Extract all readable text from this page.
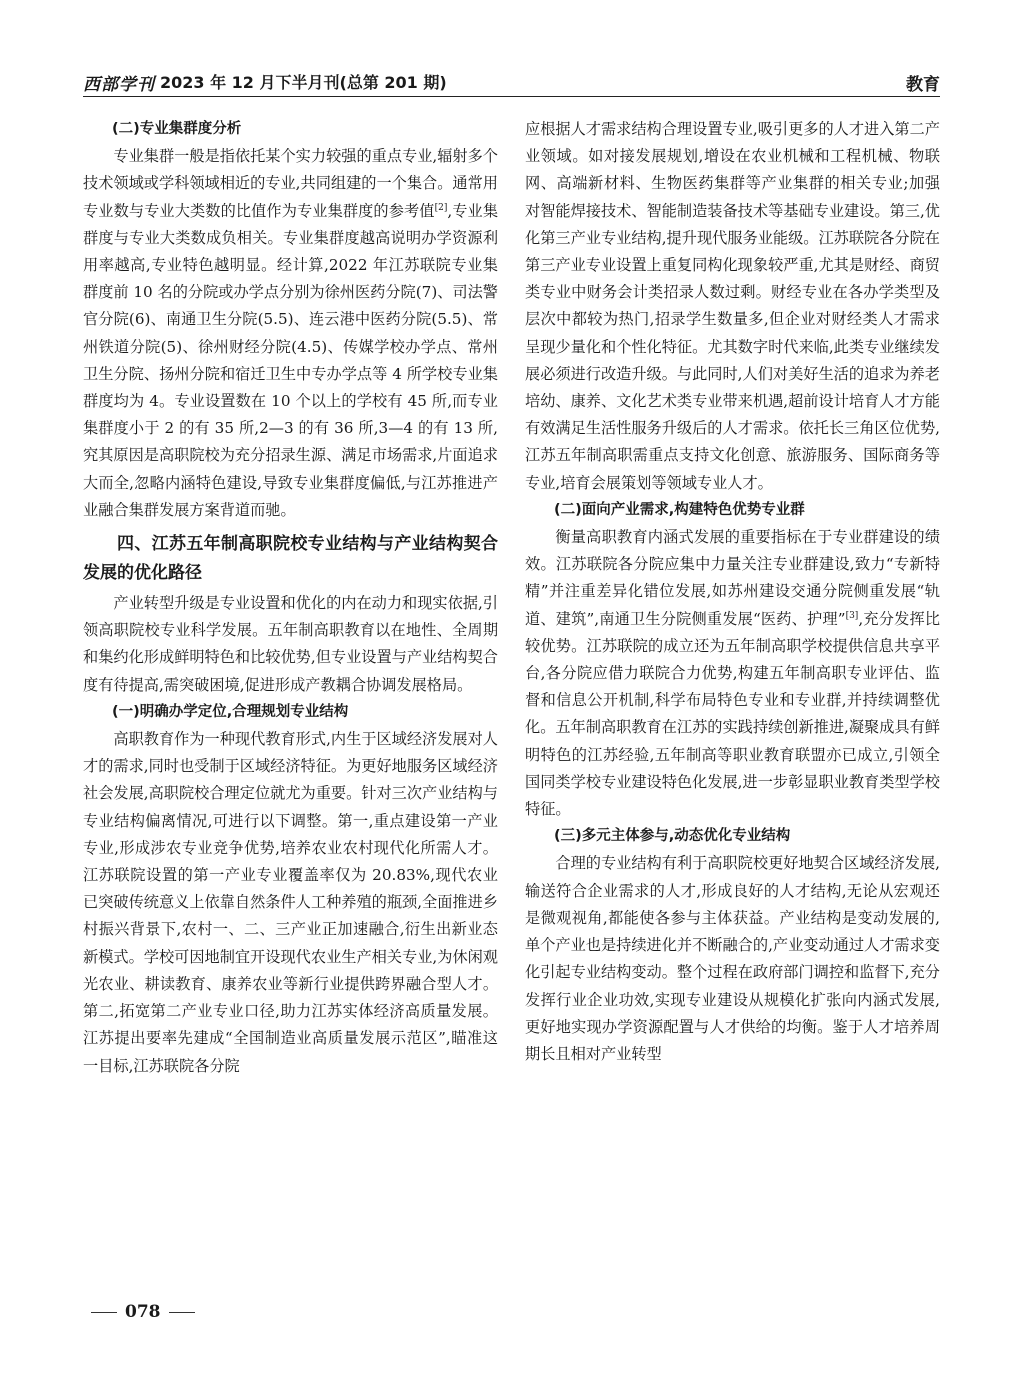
西部学刊 2023 年 12 月下半月刊(总第 201 期)	教育

(二)专业集群度分析

专业集群一般是指依托某个实力较强的重点专业,辐射多个技术领域或学科领域相近的专业,共同组建的一个集合。通常用专业数与专业大类数的比值作为专业集群度的参考值[2],专业集群度与专业大类数成负相关。专业集群度越高说明办学资源利用率越高,专业特色越明显。经计算,2022 年江苏联院专业集群度前 10 名的分院或办学点分别为徐州医药分院(7)、司法警官分院(6)、南通卫生分院(5.5)、连云港中医药分院(5.5)、常州铁道分院(5)、徐州财经分院(4.5)、传媒学校办学点、常州卫生分院、扬州分院和宿迁卫生中专办学点等 4 所学校专业集群度均为 4。专业设置数在 10 个以上的学校有 45 所,而专业集群度小于 2 的有 35 所,2—3 的有 36 所,3—4 的有 13 所,究其原因是高职院校为充分招录生源、满足市场需求,片面追求大而全,忽略内涵特色建设,导致专业集群度偏低,与江苏推进产业融合集群发展方案背道而驰。

四、江苏五年制高职院校专业结构与产业结构契合发展的优化路径

产业转型升级是专业设置和优化的内在动力和现实依据,引领高职院校专业科学发展。五年制高职教育以在地性、全周期和集约化形成鲜明特色和比较优势,但专业设置与产业结构契合度有待提高,需突破困境,促进形成产教耦合协调发展格局。

(一)明确办学定位,合理规划专业结构

高职教育作为一种现代教育形式,内生于区域经济发展对人才的需求,同时也受制于区域经济特征。为更好地服务区域经济社会发展,高职院校合理定位就尤为重要。针对三次产业结构与专业结构偏离情况,可进行以下调整。第一,重点建设第一产业专业,形成涉农专业竞争优势,培养农业农村现代化所需人才。江苏联院设置的第一产业专业覆盖率仅为 20.83%,现代农业已突破传统意义上依靠自然条件人工种养殖的瓶颈,全面推进乡村振兴背景下,农村一、二、三产业正加速融合,衍生出新业态新模式。学校可因地制宜开设现代农业生产相关专业,为休闲观光农业、耕读教育、康养农业等新行业提供跨界融合型人才。第二,拓宽第二产业专业口径,助力江苏实体经济高质量发展。江苏提出要率先建成“全国制造业高质量发展示范区”,瞄准这一目标,江苏联院各分院

应根据人才需求结构合理设置专业,吸引更多的人才进入第二产业领域。如对接发展规划,增设在农业机械和工程机械、物联网、高端新材料、生物医药集群等产业集群的相关专业;加强对智能焊接技术、智能制造装备技术等基础专业建设。第三,优化第三产业专业结构,提升现代服务业能级。江苏联院各分院在第三产业专业设置上重复同构化现象较严重,尤其是财经、商贸类专业中财务会计类招录人数过剩。财经专业在各办学类型及层次中都较为热门,招录学生数量多,但企业对财经类人才需求呈现少量化和个性化特征。尤其数字时代来临,此类专业继续发展必须进行改造升级。与此同时,人们对美好生活的追求为养老培幼、康养、文化艺术类专业带来机遇,超前设计培育人才方能有效满足生活性服务升级后的人才需求。依托长三角区位优势,江苏五年制高职需重点支持文化创意、旅游服务、国际商务等专业,培育会展策划等领域专业人才。

(二)面向产业需求,构建特色优势专业群

衡量高职教育内涵式发展的重要指标在于专业群建设的绩效。江苏联院各分院应集中力量关注专业群建设,致力“专新特精”并注重差异化错位发展,如苏州建设交通分院侧重发展“轨道、建筑”,南通卫生分院侧重发展“医药、护理”[3],充分发挥比较优势。江苏联院的成立还为五年制高职学校提供信息共享平台,各分院应借力联院合力优势,构建五年制高职专业评估、监督和信息公开机制,科学布局特色专业和专业群,并持续调整优化。五年制高职教育在江苏的实践持续创新推进,凝聚成具有鲜明特色的江苏经验,五年制高等职业教育联盟亦已成立,引领全国同类学校专业建设特色化发展,进一步彰显职业教育类型学校特征。

(三)多元主体参与,动态优化专业结构

合理的专业结构有利于高职院校更好地契合区域经济发展,输送符合企业需求的人才,形成良好的人才结构,无论从宏观还是微观视角,都能使各参与主体获益。产业结构是变动发展的,单个产业也是持续进化并不断融合的,产业变动通过人才需求变化引起专业结构变动。整个过程在政府部门调控和监督下,充分发挥行业企业功效,实现专业建设从规模化扩张向内涵式发展,更好地实现办学资源配置与人才供给的均衡。鉴于人才培养周期长且相对产业转型

078
